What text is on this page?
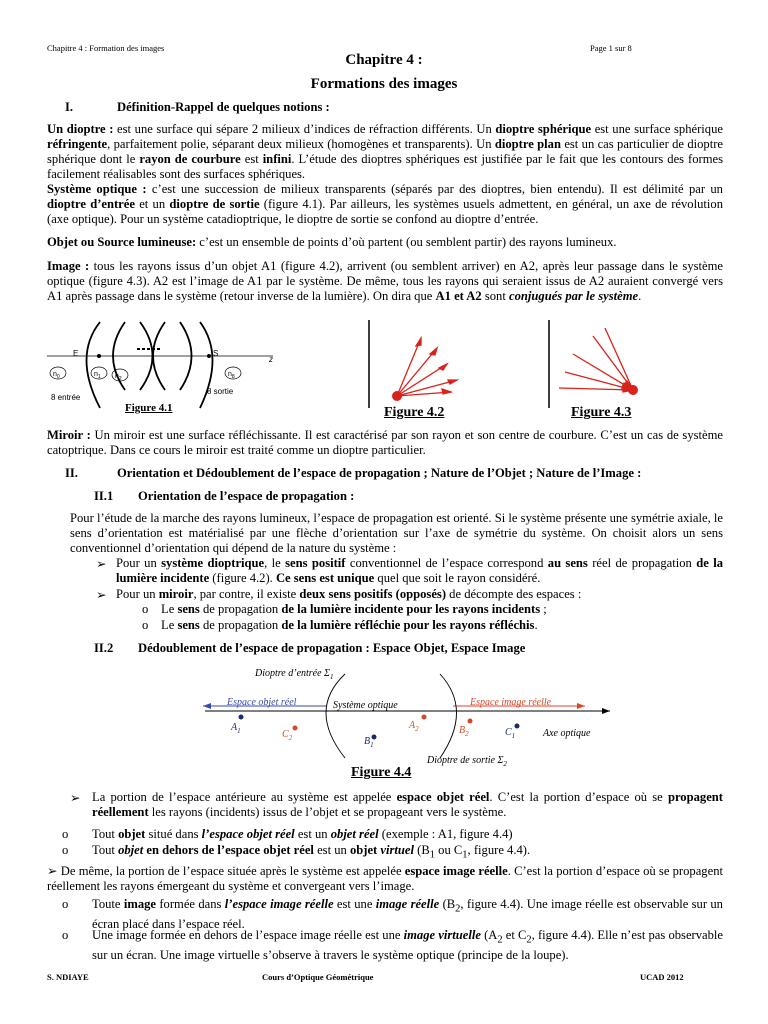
Chapitre 4 : Formation des images	Page 1 sur 8
Chapitre 4 :
Formations des images
I.	Définition-Rappel de quelques notions :
Un dioptre : est une surface qui sépare 2 milieux d’indices de réfraction différents. Un dioptre sphérique est une surface sphérique réfringente, parfaitement polie, séparant deux milieux (homogènes et transparents). Un dioptre plan est un cas particulier de dioptre sphérique dont le rayon de courbure est infini. L’étude des dioptres sphériques est justifiée par le fait que les contours des formes facilement réalisables sont des surfaces sphériques.
Système optique : c’est une succession de milieux transparents (séparés par des dioptres, bien entendu). Il est délimité par un dioptre d’entrée et un dioptre de sortie (figure 4.1). Par ailleurs, les systèmes usuels admettent, en général, un axe de révolution (axe optique). Pour un système catadioptrique, le dioptre de sortie se confond au dioptre d’entrée.
Objet ou Source lumineuse: c’est un ensemble de points d’où partent (ou semblent partir) des rayons lumineux.
Image : tous les rayons issus d’un objet A1 (figure 4.2), arrivent (ou semblent arriver) en A2, après leur passage dans le système optique (figure 4.3). A2 est l’image de A1 par le système. De même, tous les rayons qui seraient issus de A2 auraient convergé vers A1 après passage dans le système (retour inverse de la lumière). On dira que A1 et A2 sont conjugués par le système.
E	S
z
$n_0$	$n_1$ $n_2$
$n_8$
8 entrée
8 sortie
Figure 4.1	Figure 4.2	Figure 4.3
Miroir : Un miroir est une surface réfléchissante. Il est caractérisé par son rayon et son centre de courbure. C’est un cas de système catoptrique. Dans ce cours le miroir est traité comme un dioptre particulier.
II.	Orientation et Dédoublement de l’espace de propagation ; Nature de l’Objet ; Nature de l’Image :
II.1 Orientation de l’espace de propagation :
Pour l’étude de la marche des rayons lumineux, l’espace de propagation est orienté. Si le système présente une symétrie axiale, le sens d’orientation est matérialisé par une flèche d’orientation sur l’axe de symétrie du système. On choisit alors un sens conventionnel d’orientation qui dépend de la nature du système :
➢ Pour un système dioptrique, le sens positif conventionnel de l’espace correspond au sens réel de propagation de la lumière incidente (figure 4.2). Ce sens est unique quel que soit le rayon considéré.
➢ Pour un miroir, par contre, il existe deux sens positifs (opposés) de décompte des espaces :
o Le sens de propagation de la lumière incidente pour les rayons incidents ;
o Le sens de propagation de la lumière réfléchie pour les rayons réfléchis.
II.2 Dédoublement de l’espace de propagation : Espace Objet, Espace Image
Dioptre d’entrée $\Sigma_1$
Espace objet réel	Espace image réelle
Système optique
Axe optique
Dioptre de sortie $\Sigma_2$
$A_1$	$C_2$	$B_1$
$A_2$	$B_2$	$C_1$
Figure 4.4
➢ La portion de l’espace antérieure au système est appelée espace objet réel. C’est la portion d’espace où se propagent réellement les rayons (incidents) issus de l’objet et se propageant vers le système.
o Tout objet situé dans l’espace objet réel est un objet réel (exemple : A1, figure 4.4)
o Tout objet en dehors de l’espace objet réel est un objet virtuel ($B_1$ ou $C_1$, figure 4.4).
➢ De même, la portion de l’espace située après le système est appelée espace image réelle. C’est la portion d’espace où se propagent réellement les rayons émergeant du système et convergeant vers l’image.
o Toute image formée dans l’espace image réelle est une image réelle ($B_2$, figure 4.4). Une image réelle est observable sur un écran placé dans l’espace réel.
o Une image formée en dehors de l’espace image réelle est une image virtuelle ($A_2$ et $C_2$, figure 4.4). Elle n’est pas observable sur un écran. Une image virtuelle s’observe à travers le système optique (principe de la loupe).
S. NDIAYE	Cours d’Optique Géométrique	UCAD 2012
